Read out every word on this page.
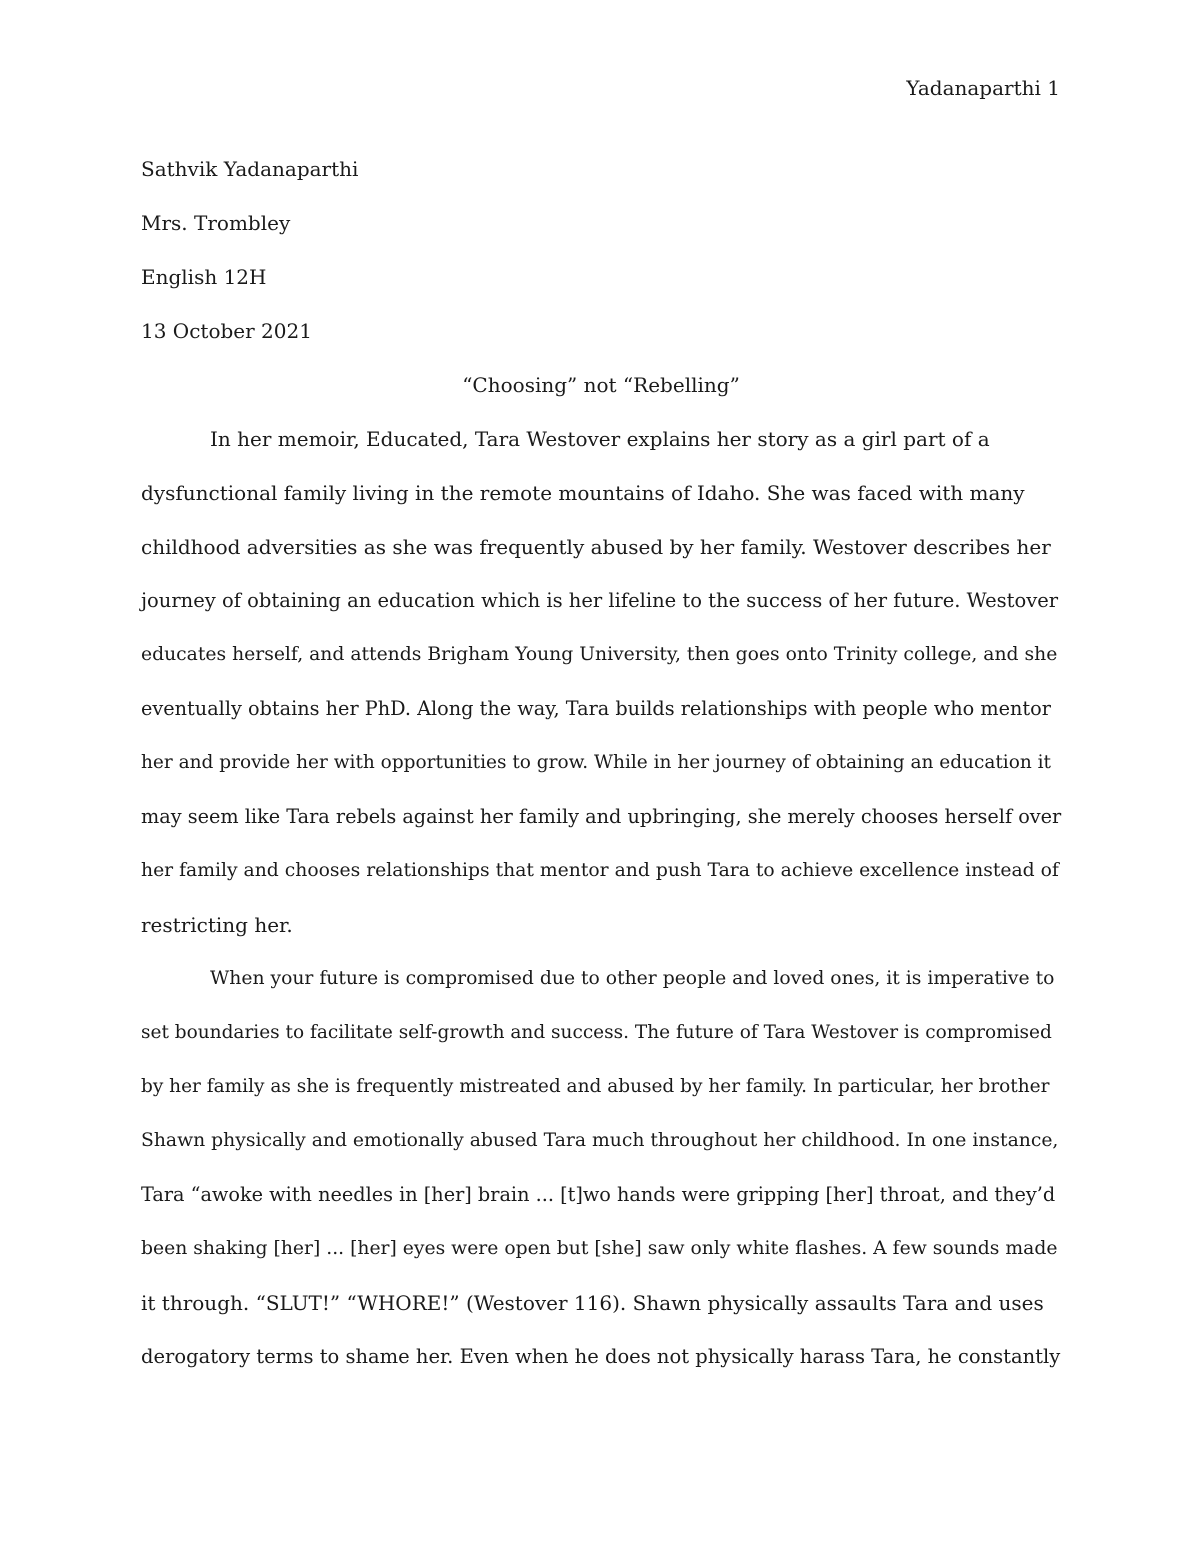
Yadanaparthi 1

Sathvik Yadanaparthi

Mrs. Trombley

English 12H

13 October 2021

“Choosing” not “Rebelling”

In her memoir, Educated, Tara Westover explains her story as a girl part of a

dysfunctional family living in the remote mountains of Idaho. She was faced with many

childhood adversities as she was frequently abused by her family. Westover describes her

journey of obtaining an education which is her lifeline to the success of her future. Westover

educates herself, and attends Brigham Young University, then goes onto Trinity college, and she

eventually obtains her PhD. Along the way, Tara builds relationships with people who mentor

her and provide her with opportunities to grow. While in her journey of obtaining an education it

may seem like Tara rebels against her family and upbringing, she merely chooses herself over

her family and chooses relationships that mentor and push Tara to achieve excellence instead of

restricting her.

When your future is compromised due to other people and loved ones, it is imperative to

set boundaries to facilitate self-growth and success. The future of Tara Westover is compromised

by her family as she is frequently mistreated and abused by her family. In particular, her brother

Shawn physically and emotionally abused Tara much throughout her childhood. In one instance,

Tara “awoke with needles in [her] brain ... [t]wo hands were gripping [her] throat, and they’d

been shaking [her] ... [her] eyes were open but [she] saw only white flashes. A few sounds made

it through. “SLUT!” “WHORE!” (Westover 116). Shawn physically assaults Tara and uses

derogatory terms to shame her. Even when he does not physically harass Tara, he constantly
